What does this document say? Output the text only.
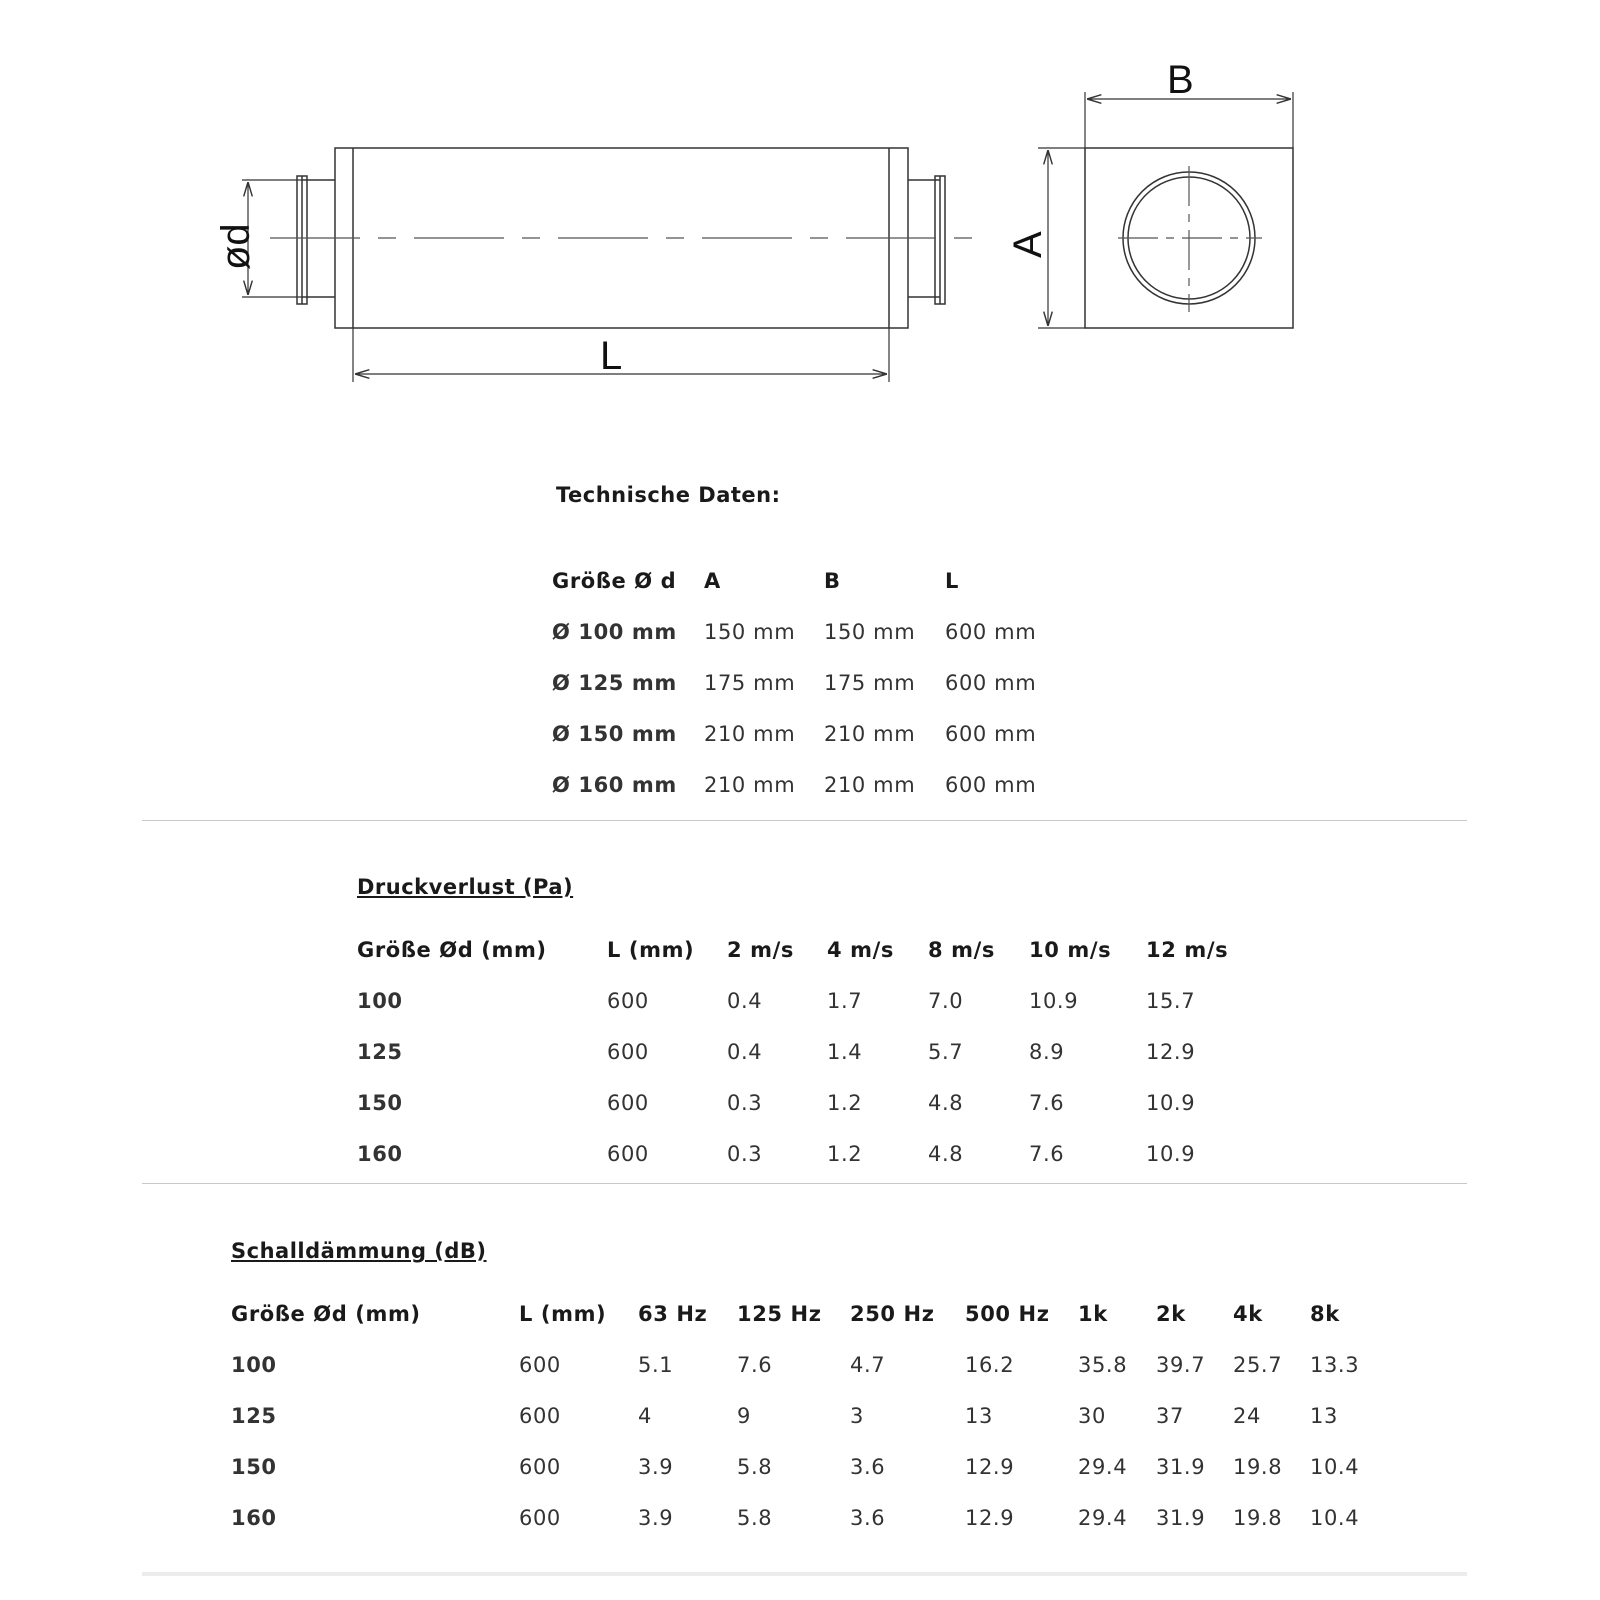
ød
L
B
A
Technische Daten:
Größe Ø d	A	B	L
Ø 100 mm	150 mm	150 mm	600 mm
Ø 125 mm	175 mm	175 mm	600 mm
Ø 150 mm	210 mm	210 mm	600 mm
Ø 160 mm	210 mm	210 mm	600 mm
Druckverlust (Pa)
Größe Ød (mm)	L (mm)	2 m/s	4 m/s	8 m/s	10 m/s	12 m/s
100	600	0.4	1.7	7.0	10.9	15.7
125	600	0.4	1.4	5.7	8.9	12.9
150	600	0.3	1.2	4.8	7.6	10.9
160	600	0.3	1.2	4.8	7.6	10.9
Schalldämmung (dB)
Größe Ød (mm)	L (mm)	63 Hz	125 Hz	250 Hz	500 Hz	1k	2k	4k	8k
100	600	5.1	7.6	4.7	16.2	35.8	39.7	25.7	13.3
125	600	4	9	3	13	30	37	24	13
150	600	3.9	5.8	3.6	12.9	29.4	31.9	19.8	10.4
160	600	3.9	5.8	3.6	12.9	29.4	31.9	19.8	10.4
